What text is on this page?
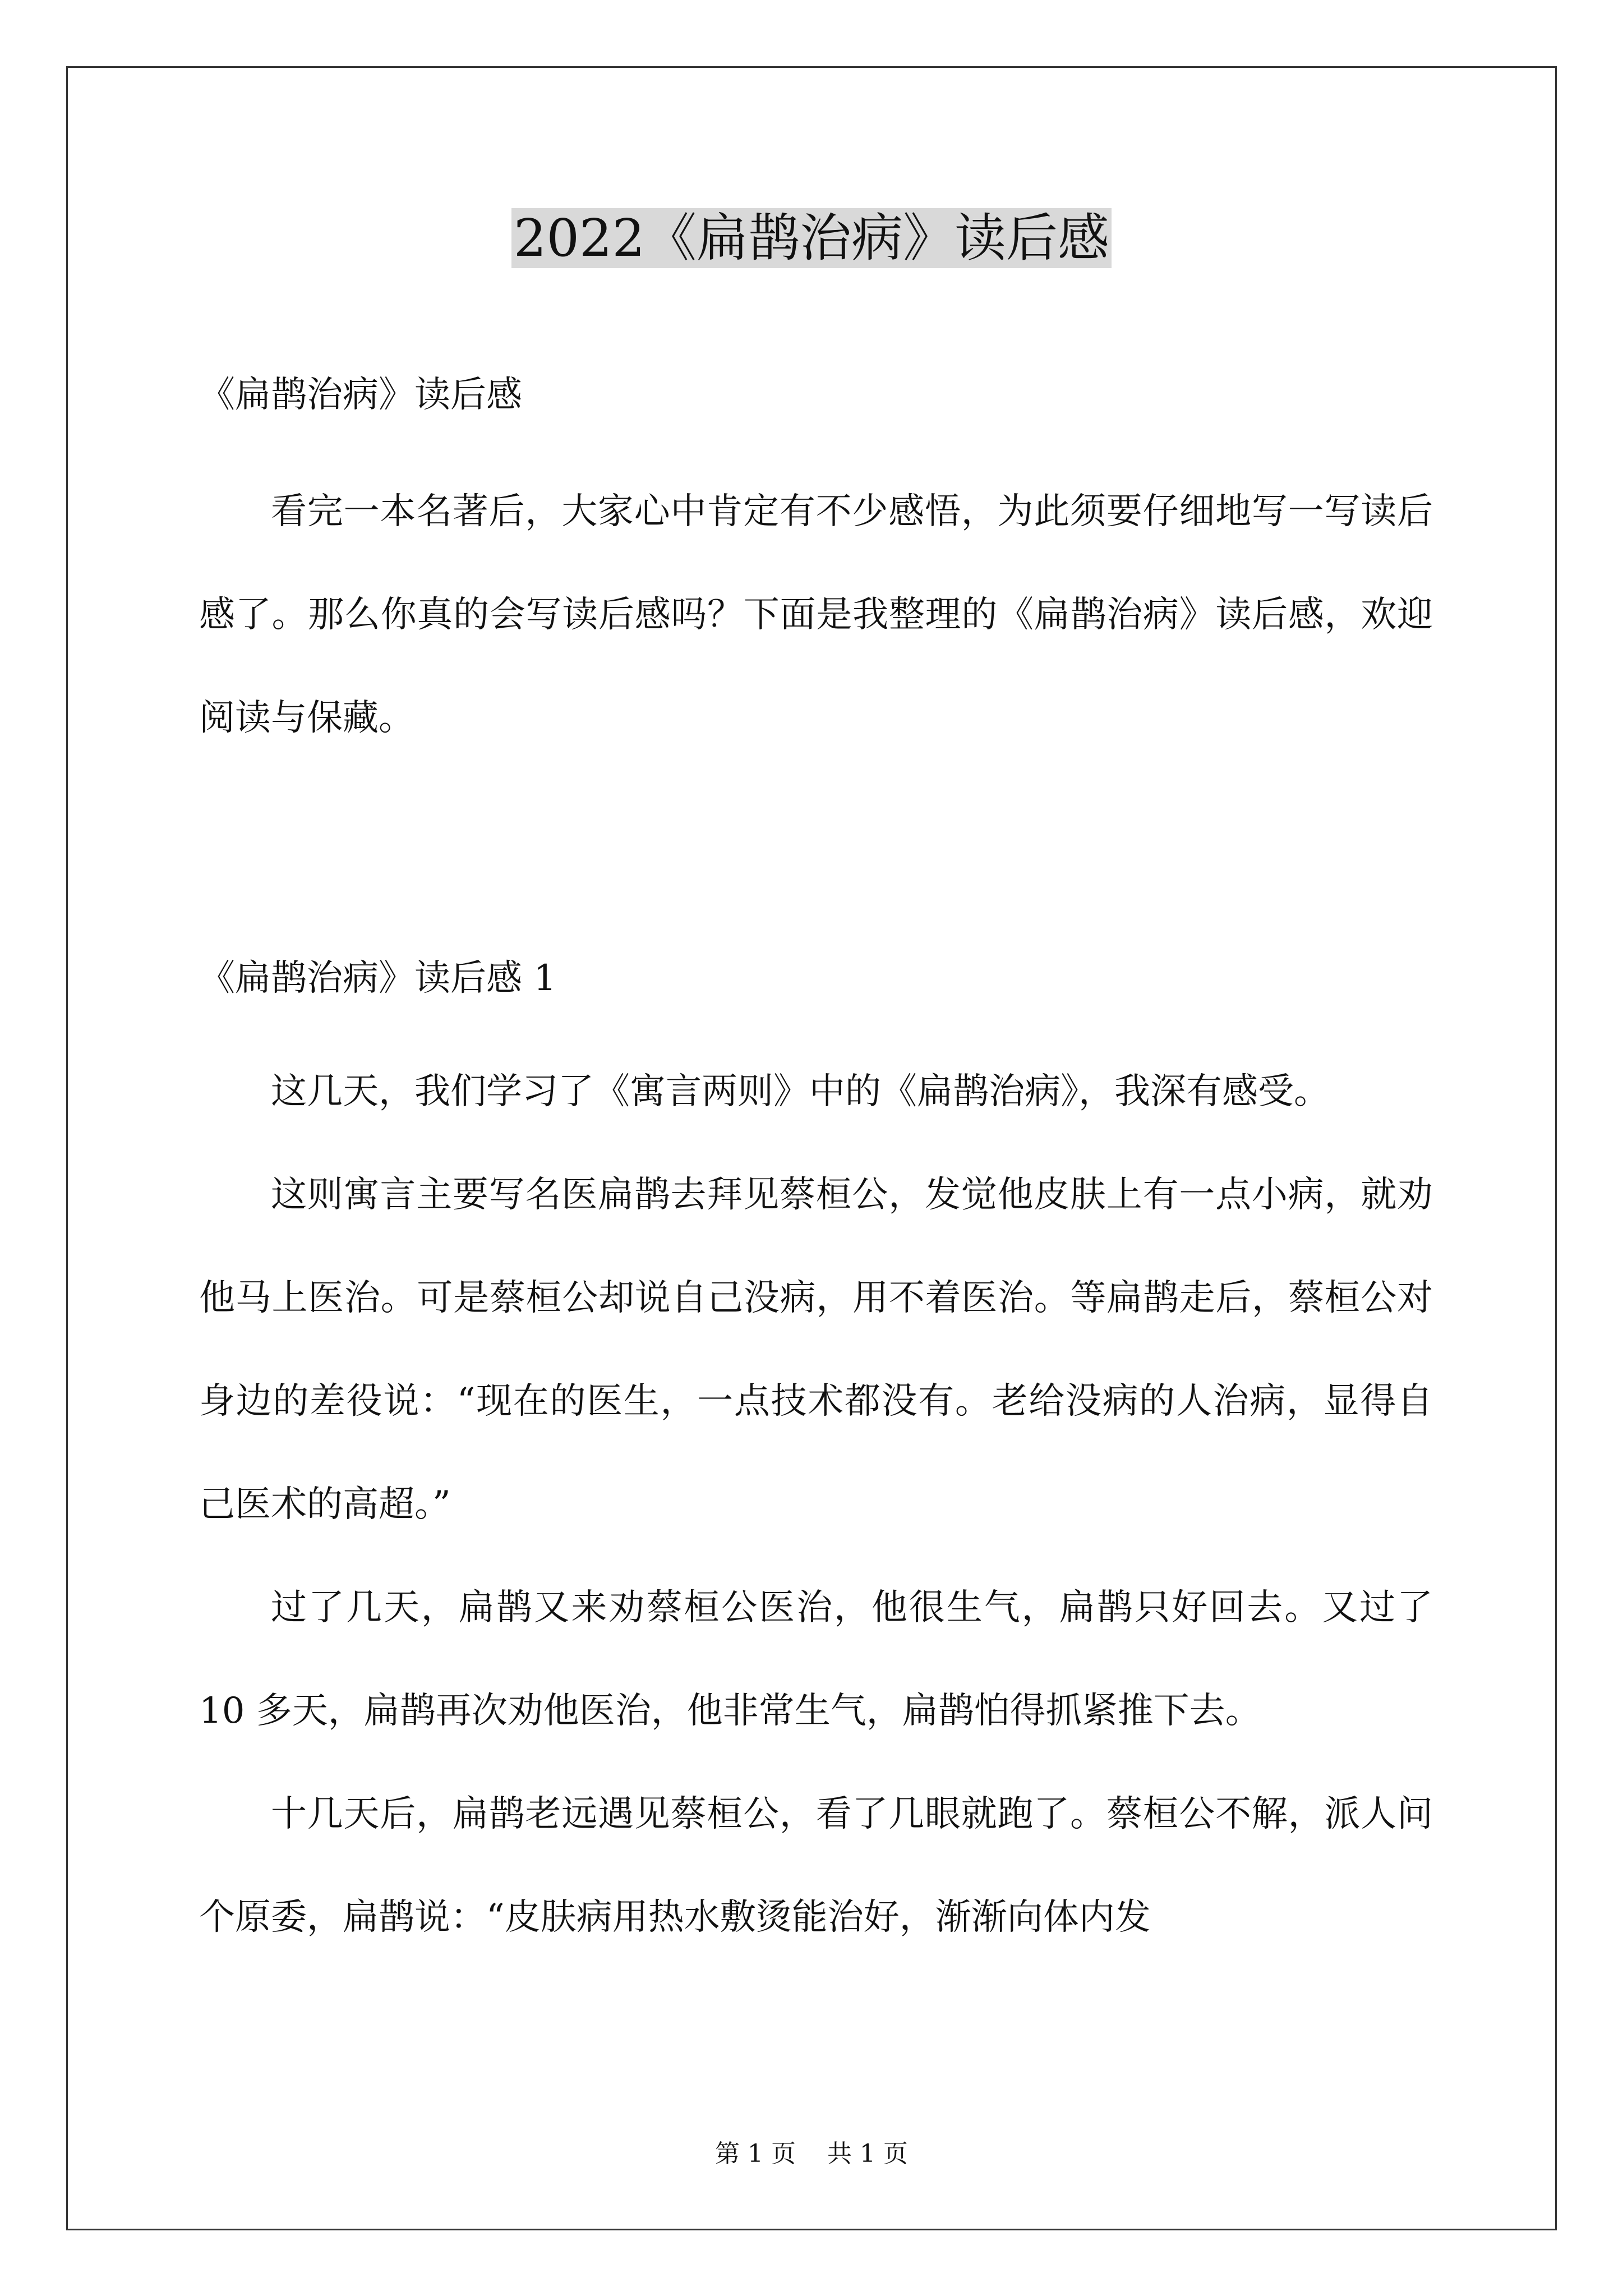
2022《扁鹊治病》读后感

《扁鹊治病》读后感

看完一本名著后，大家心中肯定有不少感悟，为此须要仔细地写一写读后感了。那么你真的会写读后感吗？下面是我整理的《扁鹊治病》读后感，欢迎阅读与保藏。

《扁鹊治病》读后感 1

这几天，我们学习了《寓言两则》中的《扁鹊治病》，我深有感受。

这则寓言主要写名医扁鹊去拜见蔡桓公，发觉他皮肤上有一点小病，就劝他马上医治。可是蔡桓公却说自己没病，用不着医治。等扁鹊走后，蔡桓公对身边的差役说：“现在的医生，一点技术都没有。老给没病的人治病，显得自己医术的高超。”

过了几天，扁鹊又来劝蔡桓公医治，他很生气，扁鹊只好回去。又过了 10 多天，扁鹊再次劝他医治，他非常生气，扁鹊怕得抓紧推下去。

十几天后，扁鹊老远遇见蔡桓公，看了几眼就跑了。蔡桓公不解，派人问个原委，扁鹊说：“皮肤病用热水敷烫能治好，渐渐向体内发

第 1 页    共 1 页
